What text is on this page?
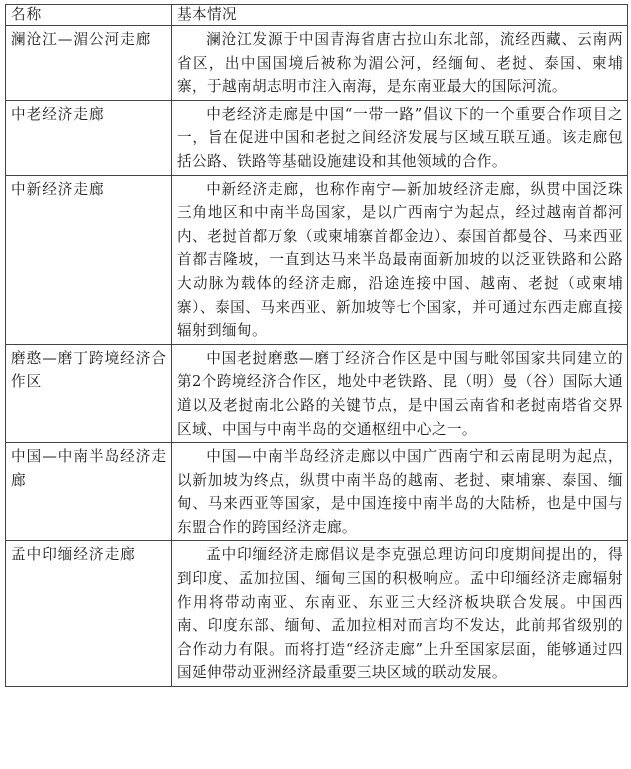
名称	基本情况
澜沧江—湄公河走廊	澜沧江发源于中国青海省唐古拉山东北部，流经西藏、云南两省区，出中国国境后被称为湄公河，经缅甸、老挝、泰国、柬埔寨，于越南胡志明市注入南海，是东南亚最大的国际河流。
中老经济走廊	中老经济走廊是中国“一带一路”倡议下的一个重要合作项目之一，旨在促进中国和老挝之间经济发展与区域互联互通。该走廊包括公路、铁路等基础设施建设和其他领域的合作。
中新经济走廊	中新经济走廊，也称作南宁—新加坡经济走廊，纵贯中国泛珠三角地区和中南半岛国家，是以广西南宁为起点，经过越南首都河内、老挝首都万象（或柬埔寨首都金边）、泰国首都曼谷、马来西亚首都吉隆坡，一直到达马来半岛最南面新加坡的以泛亚铁路和公路大动脉为载体的经济走廊，沿途连接中国、越南、老挝（或柬埔寨）、泰国、马来西亚、新加坡等七个国家，并可通过东西走廊直接辐射到缅甸。
磨憨—磨丁跨境经济合作区	中国老挝磨憨—磨丁经济合作区是中国与毗邻国家共同建立的第2个跨境经济合作区，地处中老铁路、昆（明）曼（谷）国际大通道以及老挝南北公路的关键节点，是中国云南省和老挝南塔省交界区域、中国与中南半岛的交通枢纽中心之一。
中国—中南半岛经济走廊	中国—中南半岛经济走廊以中国广西南宁和云南昆明为起点，以新加坡为终点，纵贯中南半岛的越南、老挝、柬埔寨、泰国、缅甸、马来西亚等国家，是中国连接中南半岛的大陆桥，也是中国与东盟合作的跨国经济走廊。
孟中印缅经济走廊	孟中印缅经济走廊倡议是李克强总理访问印度期间提出的，得到印度、孟加拉国、缅甸三国的积极响应。孟中印缅经济走廊辐射作用将带动南亚、东南亚、东亚三大经济板块联合发展。中国西南、印度东部、缅甸、孟加拉相对而言均不发达，此前邦省级别的合作动力有限。而将打造“经济走廊”上升至国家层面，能够通过四国延伸带动亚洲经济最重要三块区域的联动发展。
